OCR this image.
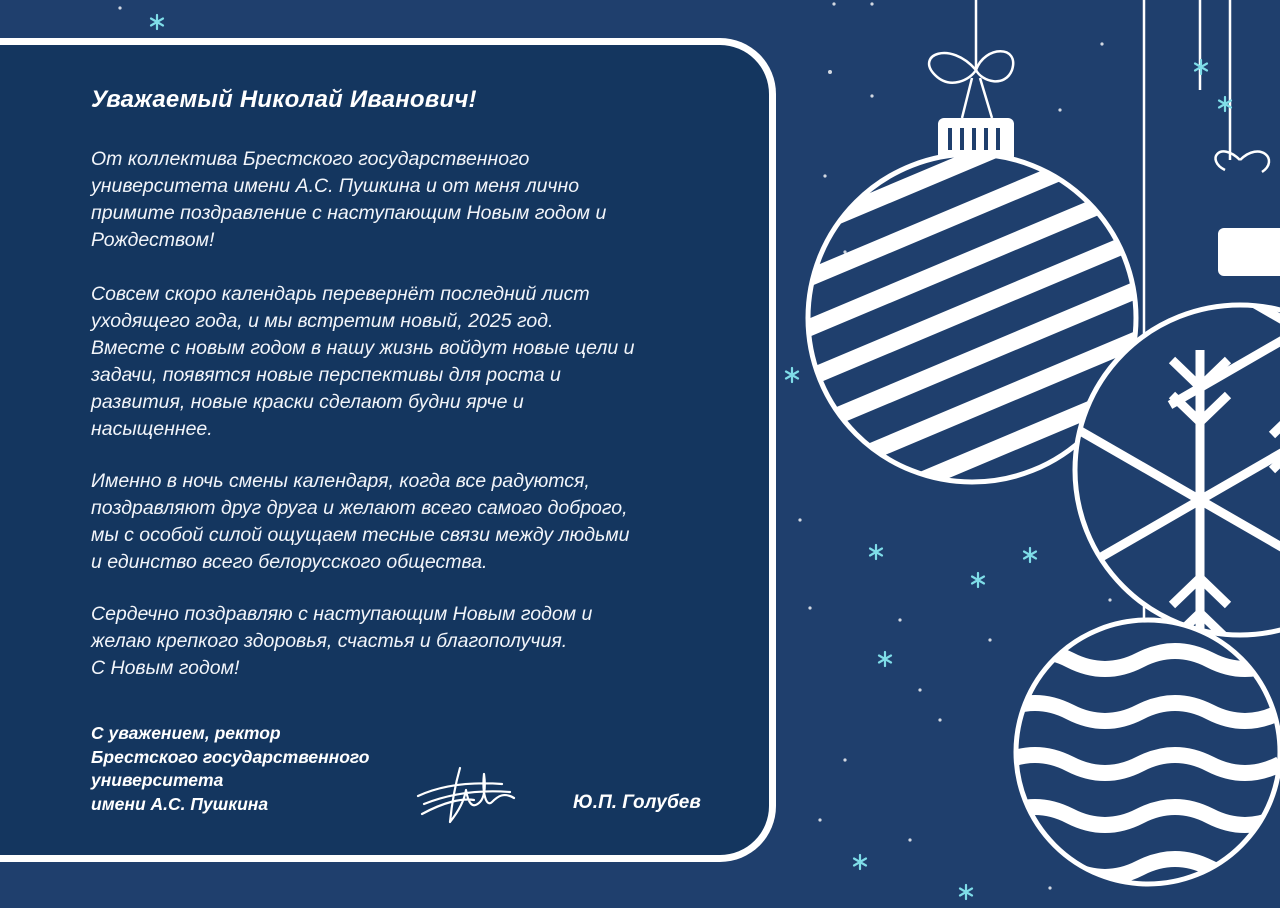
Уважаемый Николай Иванович!

От коллектива Брестского государственного
университета имени А.С. Пушкина и от меня лично
примите поздравление с наступающим Новым годом и
Рождеством!

Совсем скоро календарь перевернёт последний лист
уходящего года, и мы встретим новый, 2025 год.
Вместе с новым годом в нашу жизнь войдут новые цели и
задачи, появятся новые перспективы для роста и
развития, новые краски сделают будни ярче и
насыщеннее.

Именно в ночь смены календаря, когда все радуются,
поздравляют друг друга и желают всего самого доброго,
мы с особой силой ощущаем тесные связи между людьми
и единство всего белорусского общества.

Сердечно поздравляю с наступающим Новым годом и
желаю крепкого здоровья, счастья и благополучия.
С Новым годом!

С уважением, ректор
Брестского государственного
университета
имени А.С. Пушкина	Ю.П. Голубев
